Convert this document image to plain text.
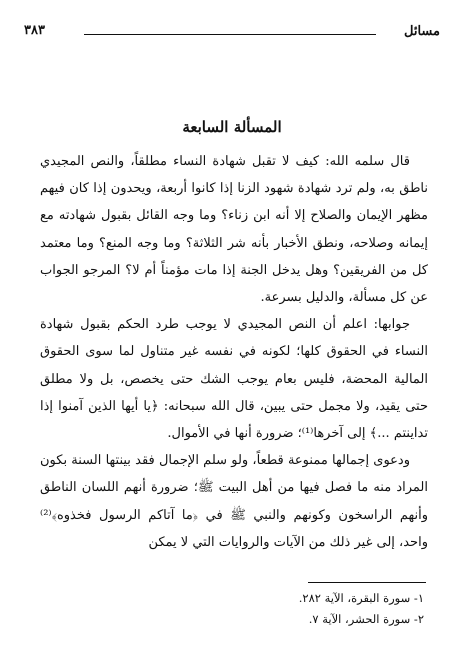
مسائل
٣٨٣
المسألة السابعة

قال سلمه الله: كيف لا تقبل شهادة النساء مطلقاً، والنص المجيدي ناطق به، ولم ترد شهادة شهود الزنا إذا كانوا أربعة، ويحدون إذا كان فيهم مظهر الإيمان والصلاح إلا أنه ابن زناء؟ وما وجه القائل بقبول شهادته مع إيمانه وصلاحه، ونطق الأخبار بأنه شر الثلاثة؟ وما وجه المنع؟ وما معتمد كل من الفريقين؟ وهل يدخل الجنة إذا مات مؤمناً أم لا؟ المرجو الجواب عن كل مسألة، والدليل بسرعة.

جوابها: اعلم أن النص المجيدي لا يوجب طرد الحكم بقبول شهادة النساء في الحقوق كلها؛ لكونه في نفسه غير متناول لما سوى الحقوق المالية المحضة، فليس بعام يوجب الشك حتى يخصص، بل ولا مطلق حتى يقيد، ولا مجمل حتى يبين، قال الله سبحانه: ﴿يا أيها الذين آمنوا إذا تداينتم ...﴾ إلى آخرها⁽¹⁾؛ ضرورة أنها في الأموال.

ودعوى إجمالها ممنوعة قطعاً، ولو سلم الإجمال فقد بينتها السنة بكون المراد منه ما فصل فيها من أهل البيت ﷺ؛ ضرورة أنهم اللسان الناطق وأنهم الراسخون وكونهم والنبي ﷺ في ﴿ما آتاكم الرسول فخذوه﴾⁽²⁾ واحد، إلى غير ذلك من الآيات والروايات التي لا يمكن

١- سورة البقرة، الآية ٢٨٢.
٢- سورة الحشر، الآية ٧.
